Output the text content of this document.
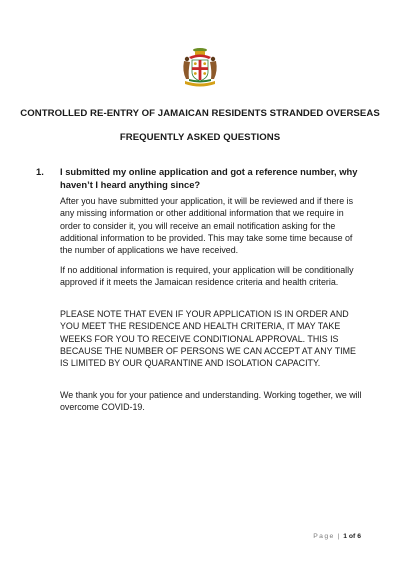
CONTROLLED RE-ENTRY OF JAMAICAN RESIDENTS STRANDED OVERSEAS
FREQUENTLY ASKED QUESTIONS
1. I submitted my online application and got a reference number, why haven’t I heard anything since?

After you have submitted your application, it will be reviewed and if there is any missing information or other additional information that we require in order to consider it, you will receive an email notification asking for the additional information to be provided. This may take some time because of the number of applications we have received.

If no additional information is required, your application will be conditionally approved if it meets the Jamaican residence criteria and health criteria.

PLEASE NOTE THAT EVEN IF YOUR APPLICATION IS IN ORDER AND YOU MEET THE RESIDENCE AND HEALTH CRITERIA, IT MAY TAKE WEEKS FOR YOU TO RECEIVE CONDITIONAL APPROVAL. THIS IS BECAUSE THE NUMBER OF PERSONS WE CAN ACCEPT AT ANY TIME IS LIMITED BY OUR QUARANTINE AND ISOLATION CAPACITY.

We thank you for your patience and understanding. Working together, we will overcome COVID-19.

Page | 1 of 6
